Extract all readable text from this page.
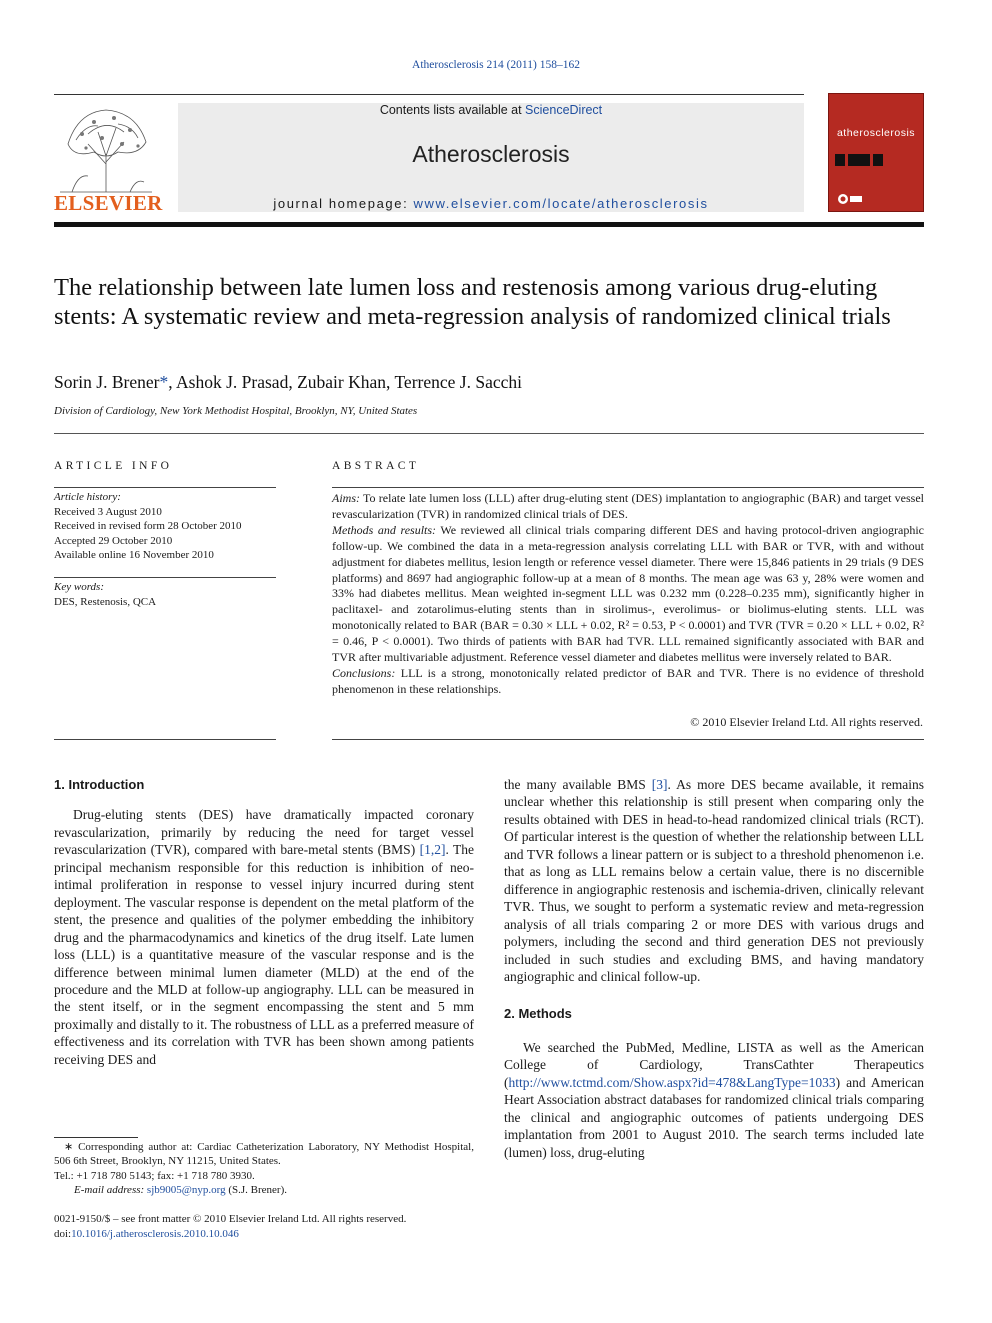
Atherosclerosis 214 (2011) 158–162
ELSEVIER
Contents lists available at ScienceDirect
Atherosclerosis
journal homepage: www.elsevier.com/locate/atherosclerosis
atherosclerosis
The relationship between late lumen loss and restenosis among various drug-eluting stents: A systematic review and meta-regression analysis of randomized clinical trials
Sorin J. Brener*, Ashok J. Prasad, Zubair Khan, Terrence J. Sacchi
Division of Cardiology, New York Methodist Hospital, Brooklyn, NY, United States
ARTICLE INFO
Article history:
Received 3 August 2010
Received in revised form 28 October 2010
Accepted 29 October 2010
Available online 16 November 2010
Key words:
DES, Restenosis, QCA
ABSTRACT

Aims: To relate late lumen loss (LLL) after drug-eluting stent (DES) implantation to angiographic (BAR) and target vessel revascularization (TVR) in randomized clinical trials of DES.

Methods and results: We reviewed all clinical trials comparing different DES and having protocol-driven angiographic follow-up. We combined the data in a meta-regression analysis correlating LLL with BAR or TVR, with and without adjustment for diabetes mellitus, lesion length or reference vessel diameter. There were 15,846 patients in 29 trials (9 DES platforms) and 8697 had angiographic follow-up at a mean of 8 months. The mean age was 63 y, 28% were women and 33% had diabetes mellitus. Mean weighted in-segment LLL was 0.232 mm (0.228–0.235 mm), significantly higher in paclitaxel- and zotarolimus-eluting stents than in sirolimus-, everolimus- or biolimus-eluting stents. LLL was monotonically related to BAR (BAR = 0.30 × LLL + 0.02, R² = 0.53, P < 0.0001) and TVR (TVR = 0.20 × LLL + 0.02, R² = 0.46, P < 0.0001). Two thirds of patients with BAR had TVR. LLL remained significantly associated with BAR and TVR after multivariable adjustment. Reference vessel diameter and diabetes mellitus were inversely related to BAR.

Conclusions: LLL is a strong, monotonically related predictor of BAR and TVR. There is no evidence of threshold phenomenon in these relationships.

© 2010 Elsevier Ireland Ltd. All rights reserved.
1. Introduction

Drug-eluting stents (DES) have dramatically impacted coronary revascularization, primarily by reducing the need for target vessel revascularization (TVR), compared with bare-metal stents (BMS) [1,2]. The principal mechanism responsible for this reduction is inhibition of neo-intimal proliferation in response to vessel injury incurred during stent deployment. The vascular response is dependent on the metal platform of the stent, the presence and qualities of the polymer embedding the inhibitory drug and the pharmacodynamics and kinetics of the drug itself. Late lumen loss (LLL) is a quantitative measure of the vascular response and is the difference between minimal lumen diameter (MLD) at the end of the procedure and the MLD at follow-up angiography. LLL can be measured in the stent itself, or in the segment encompassing the stent and 5 mm proximally and distally to it. The robustness of LLL as a preferred measure of effectiveness and its correlation with TVR has been shown among patients receiving DES and

the many available BMS [3]. As more DES became available, it remains unclear whether this relationship is still present when comparing only the results obtained with DES in head-to-head randomized clinical trials (RCT). Of particular interest is the question of whether the relationship between LLL and TVR follows a linear pattern or is subject to a threshold phenomenon i.e. that as long as LLL remains below a certain value, there is no discernible difference in angiographic restenosis and ischemia-driven, clinically relevant TVR. Thus, we sought to perform a systematic review and meta-regression analysis of all trials comparing 2 or more DES with various drugs and polymers, including the second and third generation DES not previously included in such studies and excluding BMS, and having mandatory angiographic and clinical follow-up.

2. Methods

We searched the PubMed, Medline, LISTA as well as the American College of Cardiology, TransCathter Therapeutics (http://www.tctmd.com/Show.aspx?id=478&LangType=1033) and American Heart Association abstract databases for randomized clinical trials comparing the clinical and angiographic outcomes of patients undergoing DES implantation from 2001 to August 2010. The search terms included late (lumen) loss, drug-eluting

∗ Corresponding author at: Cardiac Catheterization Laboratory, NY Methodist Hospital, 506 6th Street, Brooklyn, NY 11215, United States.
Tel.: +1 718 780 5143; fax: +1 718 780 3930.
E-mail address: sjb9005@nyp.org (S.J. Brener).
0021-9150/$ – see front matter © 2010 Elsevier Ireland Ltd. All rights reserved.
doi:10.1016/j.atherosclerosis.2010.10.046
